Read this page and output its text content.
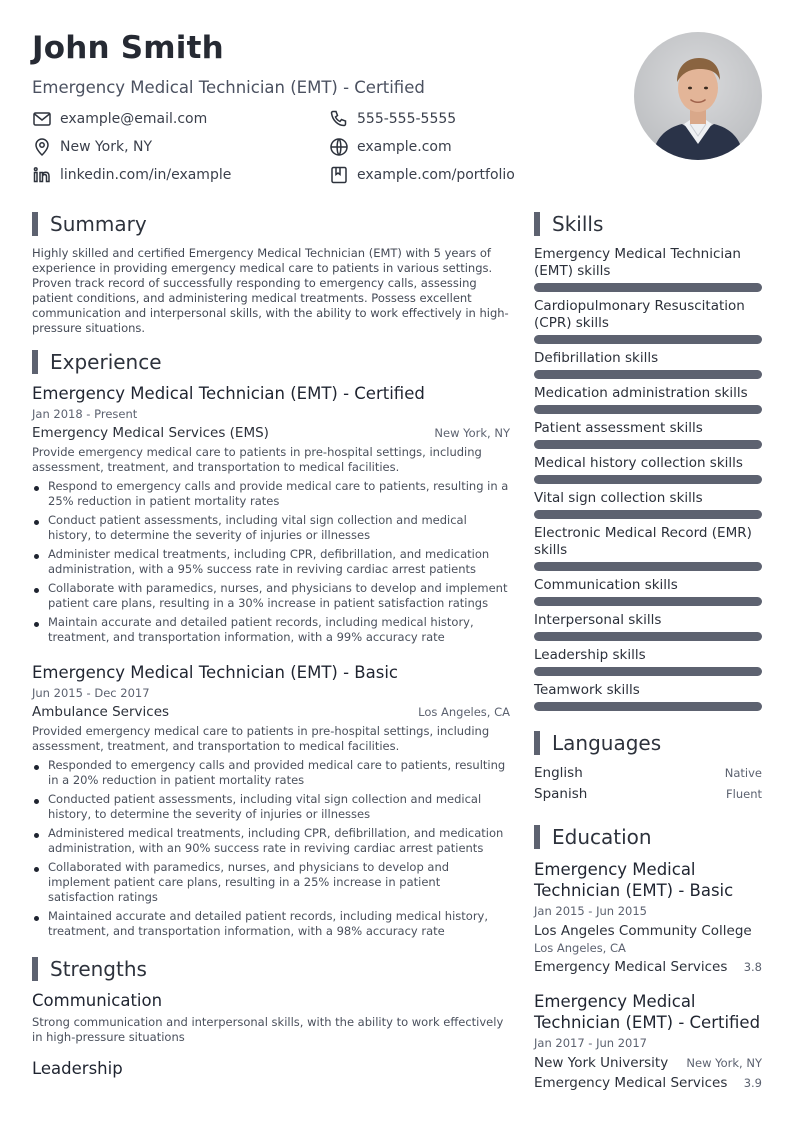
John Smith
Emergency Medical Technician (EMT) - Certified
example@email.com	555-555-5555
New York, NY	example.com
linkedin.com/in/example	example.com/portfolio
Summary
Highly skilled and certified Emergency Medical Technician (EMT) with 5 years of experience in providing emergency medical care to patients in various settings. Proven track record of successfully responding to emergency calls, assessing patient conditions, and administering medical treatments. Possess excellent communication and interpersonal skills, with the ability to work effectively in high-pressure situations.
Experience
Emergency Medical Technician (EMT) - Certified
Jan 2018 - Present
Emergency Medical Services (EMS)	New York, NY
Provide emergency medical care to patients in pre-hospital settings, including assessment, treatment, and transportation to medical facilities.
Respond to emergency calls and provide medical care to patients, resulting in a 25% reduction in patient mortality rates
Conduct patient assessments, including vital sign collection and medical history, to determine the severity of injuries or illnesses
Administer medical treatments, including CPR, defibrillation, and medication administration, with a 95% success rate in reviving cardiac arrest patients
Collaborate with paramedics, nurses, and physicians to develop and implement patient care plans, resulting in a 30% increase in patient satisfaction ratings
Maintain accurate and detailed patient records, including medical history, treatment, and transportation information, with a 99% accuracy rate
Emergency Medical Technician (EMT) - Basic
Jun 2015 - Dec 2017
Ambulance Services	Los Angeles, CA
Provided emergency medical care to patients in pre-hospital settings, including assessment, treatment, and transportation to medical facilities.
Responded to emergency calls and provided medical care to patients, resulting in a 20% reduction in patient mortality rates
Conducted patient assessments, including vital sign collection and medical history, to determine the severity of injuries or illnesses
Administered medical treatments, including CPR, defibrillation, and medication administration, with an 90% success rate in reviving cardiac arrest patients
Collaborated with paramedics, nurses, and physicians to develop and implement patient care plans, resulting in a 25% increase in patient satisfaction ratings
Maintained accurate and detailed patient records, including medical history, treatment, and transportation information, with a 98% accuracy rate
Strengths
Communication
Strong communication and interpersonal skills, with the ability to work effectively in high-pressure situations
Leadership
Skills
Emergency Medical Technician (EMT) skills
Cardiopulmonary Resuscitation (CPR) skills
Defibrillation skills
Medication administration skills
Patient assessment skills
Medical history collection skills
Vital sign collection skills
Electronic Medical Record (EMR) skills
Communication skills
Interpersonal skills
Leadership skills
Teamwork skills
Languages
English	Native
Spanish	Fluent
Education
Emergency Medical Technician (EMT) - Basic
Jan 2015 - Jun 2015
Los Angeles Community College
Los Angeles, CA
Emergency Medical Services 3.8
Emergency Medical Technician (EMT) - Certified
Jan 2017 - Jun 2017
New York University New York, NY
Emergency Medical Services 3.9
